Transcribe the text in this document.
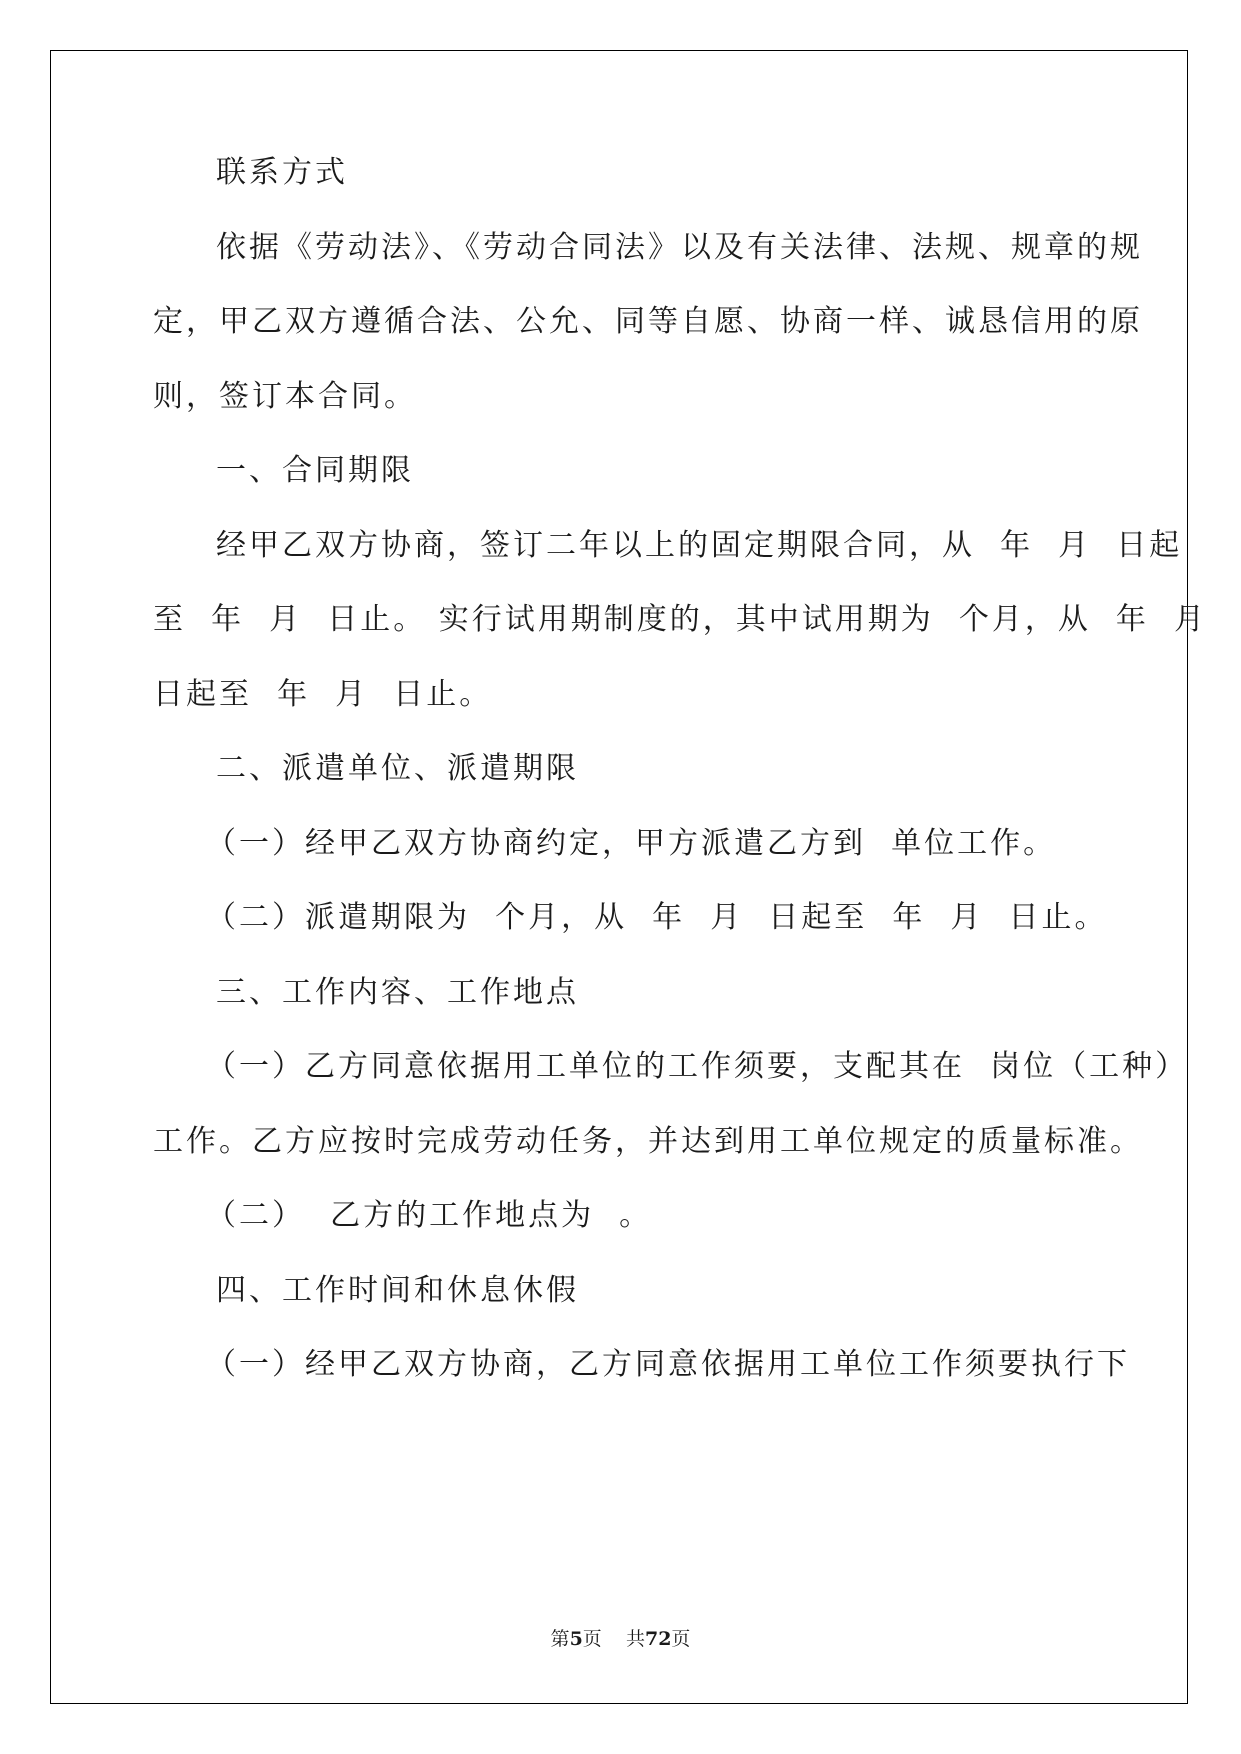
联系方式
依据《劳动法》、《劳动合同法》以及有关法律、法规、规章的规
定，甲乙双方遵循合法、公允、同等自愿、协商一样、诚恳信用的原
则，签订本合同。
一、合同期限
经甲乙双方协商，签订二年以上的固定期限合同，从  年  月  日起
至  年  月  日止。 实行试用期制度的，其中试用期为  个月，从  年  月
日起至  年  月  日止。
二、派遣单位、派遣期限
（一）经甲乙双方协商约定，甲方派遣乙方到  单位工作。
（二）派遣期限为  个月，从  年  月  日起至  年  月  日止。
三、工作内容、工作地点
（一）乙方同意依据用工单位的工作须要，支配其在  岗位（工种）
工作。乙方应按时完成劳动任务，并达到用工单位规定的质量标准。
（二）  乙方的工作地点为  。
四、工作时间和休息休假
（一）经甲乙双方协商，乙方同意依据用工单位工作须要执行下
第5页    共72页
